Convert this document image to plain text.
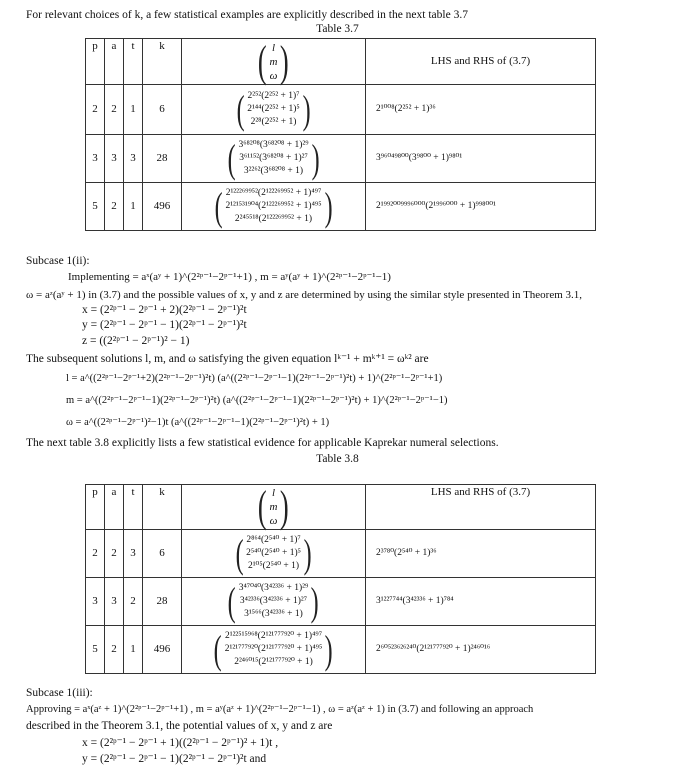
For relevant choices of k, a few statistical examples are explicitly described in the next table 3.7
Table 3.7
p	a	t	k	( l
m
ω )	LHS and RHS of (3.7)
2	2	1	6	( 2²⁵²(2²⁵² + 1)⁷
2¹⁴⁴(2²⁵² + 1)⁵
2²⁸(2²⁵² + 1) )	2¹⁰⁰⁸(2²⁵² + 1)³⁶
3	3	3	28	( 3⁶⁸²⁰⁸(3⁶⁸²⁰⁸ + 1)²⁹
3⁶¹¹⁵²(3⁶⁸²⁰⁸ + 1)²⁷
3²²⁶²(3⁶⁸²⁰⁸ + 1) )	3⁹⁶⁰⁴⁹⁸⁰⁰(3⁹⁸⁰⁰ + 1)⁹⁸⁰¹
5	2	1	496	( 2¹²²²⁶⁹⁹⁵²(2¹²²²⁶⁹⁹⁵² + 1)⁴⁹⁷
2¹²¹⁵³¹⁹⁰⁴(2¹²²²⁶⁹⁹⁵² + 1)⁴⁹⁵
2²⁴⁵⁵¹⁸(2¹²²²⁶⁹⁹⁵² + 1) )	2¹⁹⁹²⁰⁰⁹⁹⁹⁶⁰⁰⁰(2¹⁹⁹⁶⁰⁰⁰ + 1)⁹⁹⁸⁰⁰¹
Subcase 1(ii):
Implementing = aˣ(aʸ + 1)^(2²ᵖ⁻¹−2ᵖ⁻¹+1) , m = aʸ(aʸ + 1)^(2²ᵖ⁻¹−2ᵖ⁻¹−1)
ω = aᶻ(aʸ + 1) in (3.7) and the possible values of x, y and z are determined by using the similar style presented in Theorem 3.1,
x = (2²ᵖ⁻¹ − 2ᵖ⁻¹ + 2)(2²ᵖ⁻¹ − 2ᵖ⁻¹)²t
y = (2²ᵖ⁻¹ − 2ᵖ⁻¹ − 1)(2²ᵖ⁻¹ − 2ᵖ⁻¹)²t
z = ((2²ᵖ⁻¹ − 2ᵖ⁻¹)² − 1)
The subsequent solutions l, m, and ω satisfying the given equation lᵏ⁻¹ + mᵏ⁺¹ = ωᵏ² are
l = a^((2²ᵖ⁻¹−2ᵖ⁻¹+2)(2²ᵖ⁻¹−2ᵖ⁻¹)²t) (a^((2²ᵖ⁻¹−2ᵖ⁻¹−1)(2²ᵖ⁻¹−2ᵖ⁻¹)²t) + 1)^(2²ᵖ⁻¹−2ᵖ⁻¹+1)
m = a^((2²ᵖ⁻¹−2ᵖ⁻¹−1)(2²ᵖ⁻¹−2ᵖ⁻¹)²t) (a^((2²ᵖ⁻¹−2ᵖ⁻¹−1)(2²ᵖ⁻¹−2ᵖ⁻¹)²t) + 1)^(2²ᵖ⁻¹−2ᵖ⁻¹−1)
ω = a^((2²ᵖ⁻¹−2ᵖ⁻¹)²−1)t (a^((2²ᵖ⁻¹−2ᵖ⁻¹−1)(2²ᵖ⁻¹−2ᵖ⁻¹)²t) + 1)
The next table 3.8 explicitly lists a few statistical evidence for applicable Kaprekar numeral selections.
Table 3.8
p	a	t	k	( l
m
ω )	LHS and RHS of (3.7)
2	2	3	6	( 2⁸⁶⁴(2⁵⁴⁰ + 1)⁷
2⁵⁴⁰(2⁵⁴⁰ + 1)⁵
2¹⁰⁵(2⁵⁴⁰ + 1) )	2³⁷⁸⁰(2⁵⁴⁰ + 1)³⁶
3	3	2	28	( 3⁴⁷⁰⁴⁰(3⁴²³³⁶ + 1)²⁹
3⁴²³³⁶(3⁴²³³⁶ + 1)²⁷
3¹⁵⁶⁶(3⁴²³³⁶ + 1) )	3¹²²⁷⁷⁴⁴(3⁴²³³⁶ + 1)⁷⁸⁴
5	2	1	496	( 2¹²²⁵¹⁵⁹⁶⁸(2¹²¹⁷⁷⁷⁹²⁰ + 1)⁴⁹⁷
2¹²¹⁷⁷⁷⁹²⁰(2¹²¹⁷⁷⁷⁹²⁰ + 1)⁴⁹⁵
2²⁴⁶⁰¹⁵(2¹²¹⁷⁷⁷⁹²⁰ + 1) )	2⁶⁰⁵²³⁶²⁶²⁴⁰(2¹²¹⁷⁷⁷⁹²⁰ + 1)²⁴⁶⁰¹⁶
Subcase 1(iii):
Approving = aˣ(aᶻ + 1)^(2²ᵖ⁻¹−2ᵖ⁻¹+1) , m = aʸ(aᶻ + 1)^(2²ᵖ⁻¹−2ᵖ⁻¹−1) , ω = aᶻ(aᶻ + 1) in (3.7) and following an approach
described in the Theorem 3.1, the potential values of x, y and z are
x = (2²ᵖ⁻¹ − 2ᵖ⁻¹ + 1)((2²ᵖ⁻¹ − 2ᵖ⁻¹)² + 1)t ,
y = (2²ᵖ⁻¹ − 2ᵖ⁻¹ − 1)(2²ᵖ⁻¹ − 2ᵖ⁻¹)²t and
